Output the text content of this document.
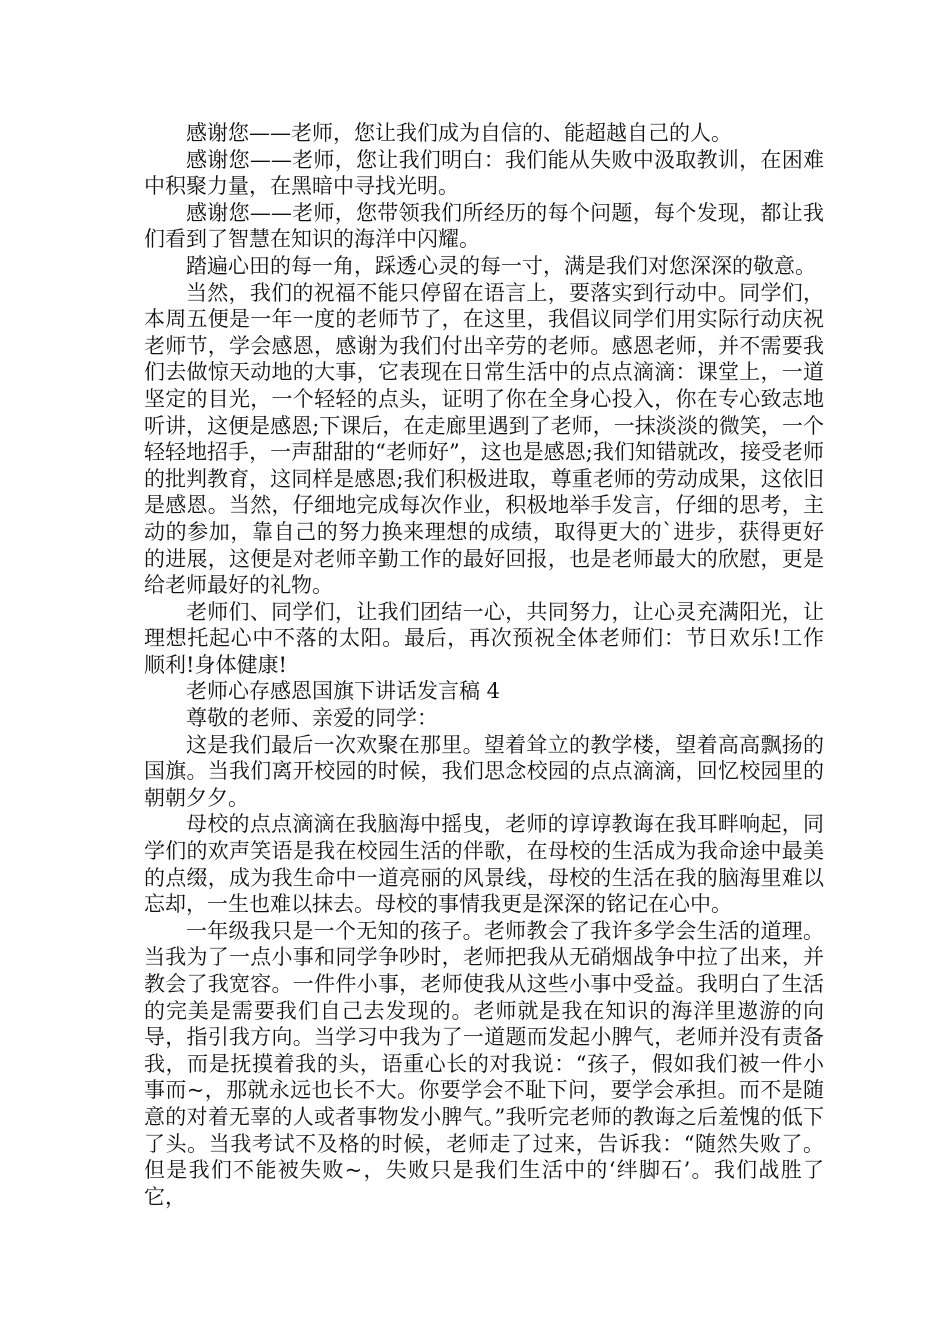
感谢您——老师，您让我们成为自信的、能超越自己的人。

感谢您——老师，您让我们明白：我们能从失败中汲取教训，在困难中积聚力量，在黑暗中寻找光明。

感谢您——老师，您带领我们所经历的每个问题，每个发现，都让我们看到了智慧在知识的海洋中闪耀。

踏遍心田的每一角，踩透心灵的每一寸，满是我们对您深深的敬意。

当然，我们的祝福不能只停留在语言上，要落实到行动中。同学们，本周五便是一年一度的老师节了，在这里，我倡议同学们用实际行动庆祝老师节，学会感恩，感谢为我们付出辛劳的老师。感恩老师，并不需要我们去做惊天动地的大事，它表现在日常生活中的点点滴滴：课堂上，一道坚定的目光，一个轻轻的点头，证明了你在全身心投入，你在专心致志地听讲，这便是感恩;下课后，在走廊里遇到了老师，一抹淡淡的微笑，一个轻轻地招手，一声甜甜的“老师好”，这也是感恩;我们知错就改，接受老师的批判教育，这同样是感恩;我们积极进取，尊重老师的劳动成果，这依旧是感恩。当然，仔细地完成每次作业，积极地举手发言，仔细的思考，主动的参加，靠自己的努力换来理想的成绩，取得更大的`进步，获得更好的进展，这便是对老师辛勤工作的最好回报，也是老师最大的欣慰，更是给老师最好的礼物。

老师们、同学们，让我们团结一心，共同努力，让心灵充满阳光，让理想托起心中不落的太阳。最后，再次预祝全体老师们：节日欢乐!工作顺利!身体健康!

老师心存感恩国旗下讲话发言稿 4

尊敬的老师、亲爱的同学：

这是我们最后一次欢聚在那里。望着耸立的教学楼，望着高高飘扬的国旗。当我们离开校园的时候，我们思念校园的点点滴滴，回忆校园里的朝朝夕夕。

母校的点点滴滴在我脑海中摇曳，老师的谆谆教诲在我耳畔响起，同学们的欢声笑语是我在校园生活的伴歌，在母校的生活成为我命途中最美的点缀，成为我生命中一道亮丽的风景线，母校的生活在我的脑海里难以忘却，一生也难以抹去。母校的事情我更是深深的铭记在心中。

一年级我只是一个无知的孩子。老师教会了我许多学会生活的道理。当我为了一点小事和同学争吵时，老师把我从无硝烟战争中拉了出来，并教会了我宽容。一件件小事，老师使我从这些小事中受益。我明白了生活的完美是需要我们自己去发现的。老师就是我在知识的海洋里遨游的向导，指引我方向。当学习中我为了一道题而发起小脾气，老师并没有责备我，而是抚摸着我的头，语重心长的对我说：“孩子，假如我们被一件小事而~，那就永远也长不大。你要学会不耻下问，要学会承担。而不是随意的对着无辜的人或者事物发小脾气。”我听完老师的教诲之后羞愧的低下了头。当我考试不及格的时候，老师走了过来，告诉我：“随然失败了。但是我们不能被失败~，失败只是我们生活中的‘绊脚石’。我们战胜了它，
